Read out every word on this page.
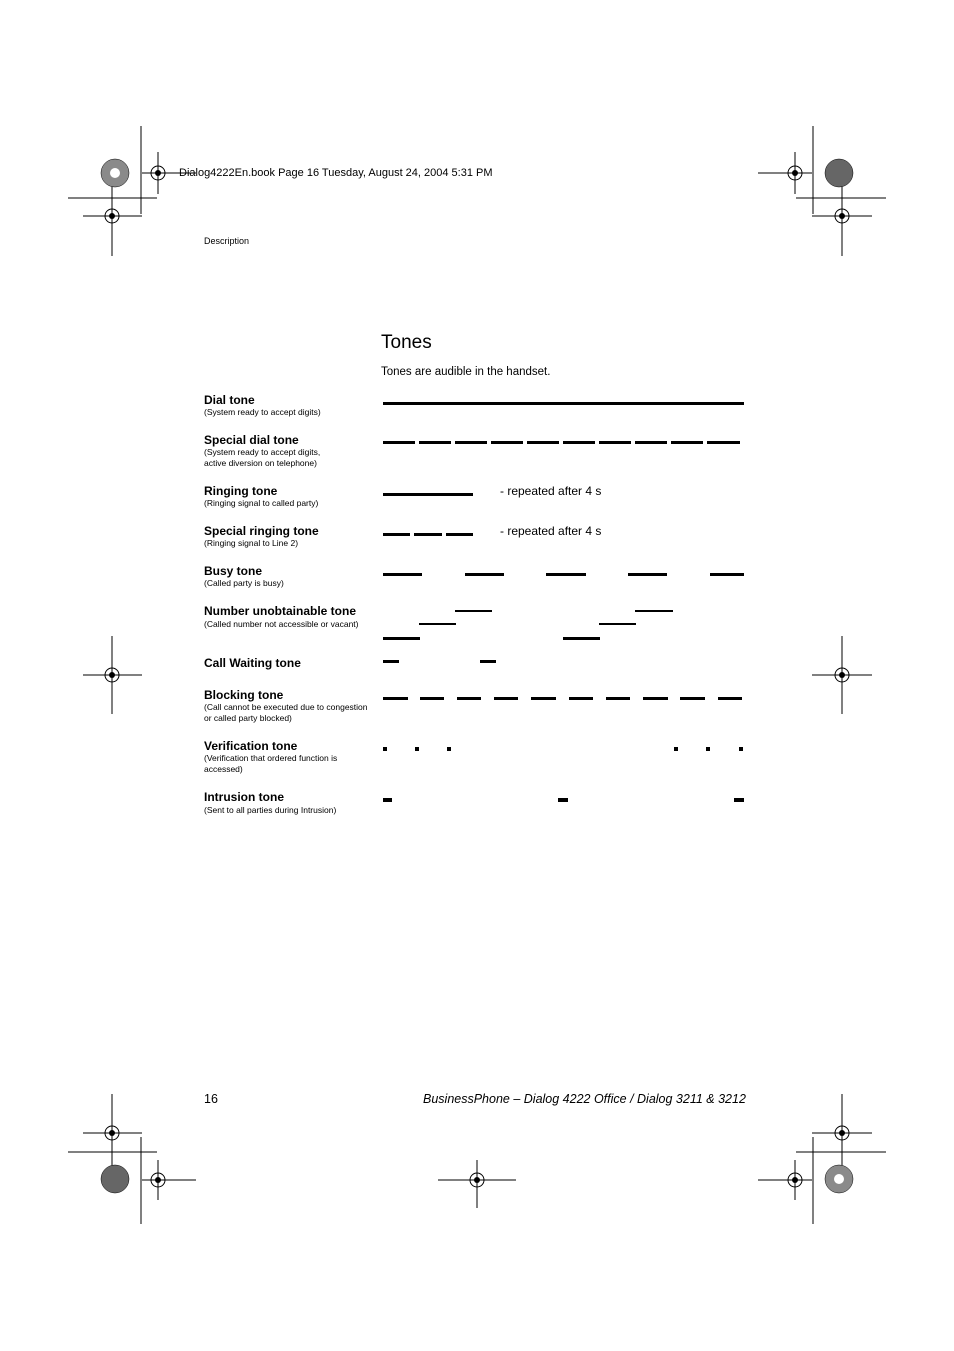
Dialog4222En.book Page 16 Tuesday, August 24, 2004 5:31 PM
Description
Tones
Tones are audible in the handset.
Dial tone
(System ready to accept digits)
Special dial tone
(System ready to accept digits,
active diversion on telephone)
Ringing tone
(Ringing signal to called party)
- repeated after 4 s
Special ringing tone
(Ringing signal to Line 2)
- repeated after 4 s
Busy tone
(Called party is busy)
Number unobtainable tone
(Called number not accessible or vacant)
Call Waiting tone
Blocking tone
(Call cannot be executed due to congestion
or called party blocked)
Verification tone
(Verification that ordered function is
accessed)
Intrusion tone
(Sent to all parties during Intrusion)
16	BusinessPhone – Dialog 4222 Office / Dialog 3211 & 3212
